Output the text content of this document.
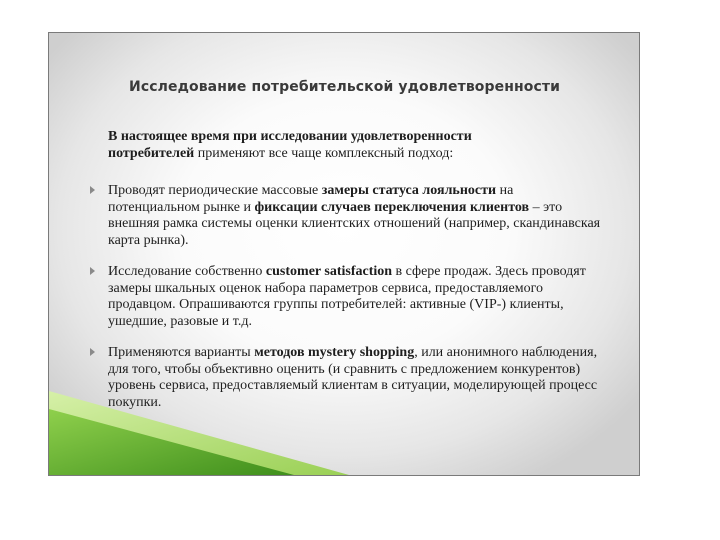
Исследование потребительской удовлетворенности
В настоящее время при исследовании удовлетворенности потребителей применяют все чаще комплексный подход:
Проводят периодические массовые замеры статуса лояльности на потенциальном рынке и фиксации случаев переключения клиентов – это внешняя рамка системы оценки клиентских отношений (например, скандинавская карта рынка).
Исследование собственно customer satisfaction в сфере продаж. Здесь проводят замеры шкальных оценок набора параметров сервиса, предоставляемого продавцом. Опрашиваются группы потребителей: активные (VIP-) клиенты, ушедшие, разовые и т.д.
Применяются варианты методов mystery shopping, или анонимного наблюдения, для того, чтобы объективно оценить (и сравнить с предложением конкурентов) уровень сервиса, предоставляемый клиентам в ситуации, моделирующей процесс покупки.
